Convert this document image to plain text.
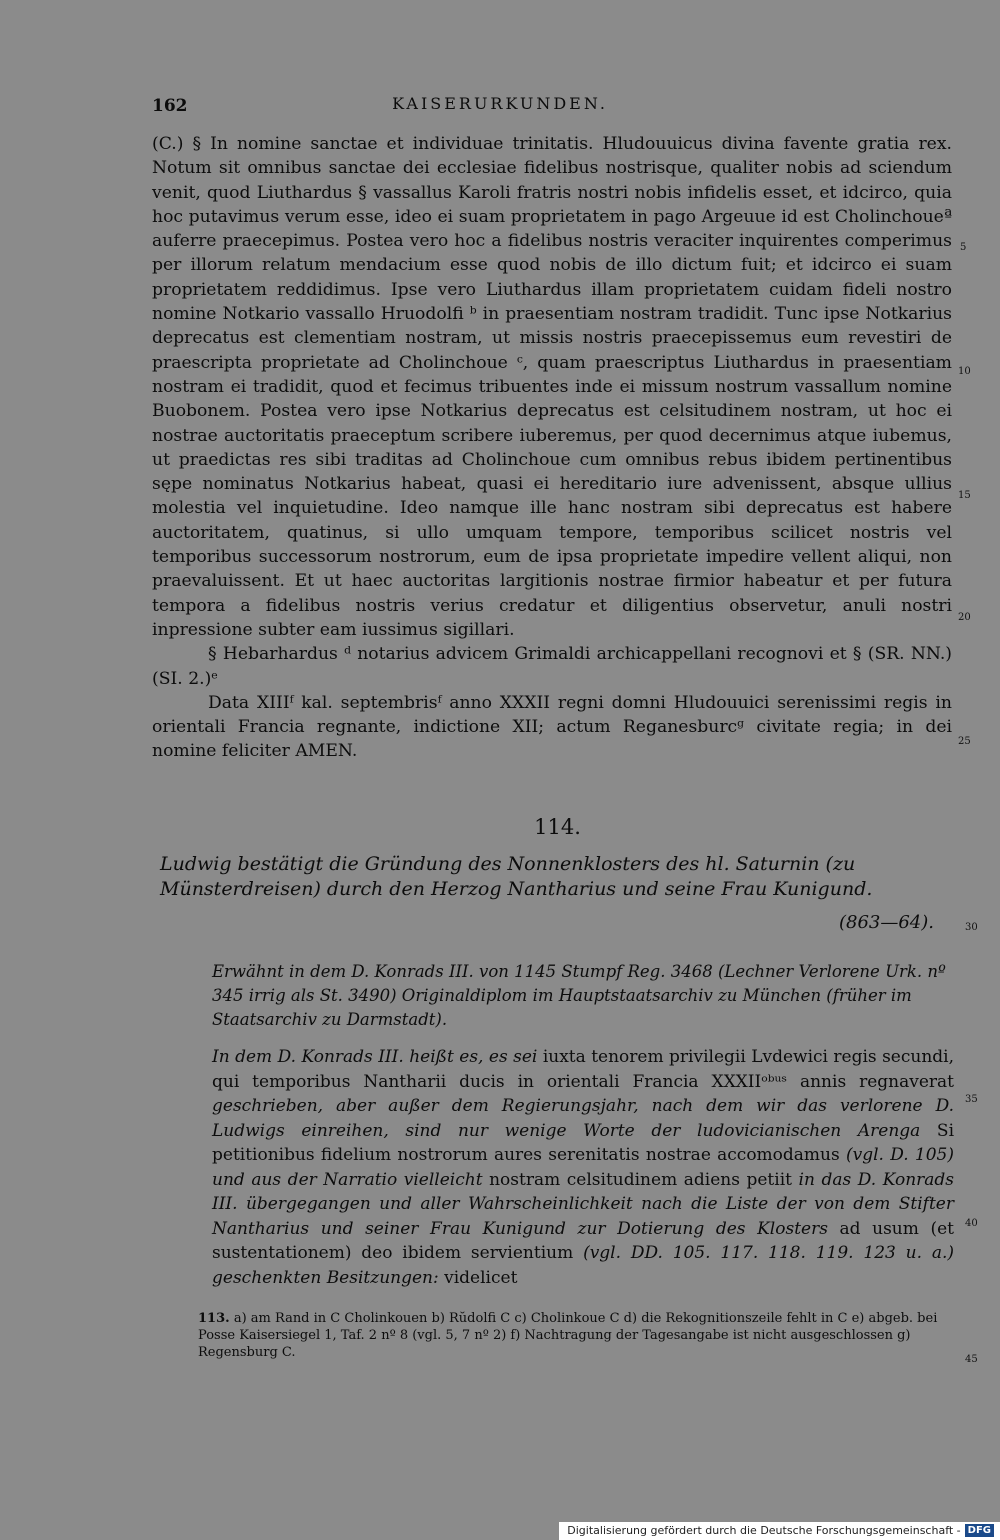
162	KAISERURKUNDEN.

(C.) § In nomine sanctae et individuae trinitatis. Hludouuicus divina favente gratia rex. Notum sit omnibus sanctae dei ecclesiae fidelibus nostrisque, qualiter nobis ad sciendum venit, quod Liuthardus § vassallus Karoli fratris nostri nobis infidelis esset, et idcirco, quia hoc putavimus verum esse, ideo ei suam proprietatem in pago Argeuue id est Cholinchoueª auferre praecepimus. Postea vero hoc a fidelibus nostris veraciter inquirentes comperimus per illorum relatum mendacium esse quod nobis de illo dictum fuit; et idcirco ei suam proprietatem reddidimus. Ipse vero Liuthardus illam proprietatem cuidam fideli nostro nomine Notkario vassallo Hruodolfi ᵇ in praesentiam nostram tradidit. Tunc ipse Notkarius deprecatus est clementiam nostram, ut missis nostris praecepissemus eum revestiri de praescripta proprietate ad Cholinchoue ᶜ, quam praescriptus Liuthardus in praesentiam nostram ei tradidit, quod et fecimus tribuentes inde ei missum nostrum vassallum nomine Buobonem. Postea vero ipse Notkarius deprecatus est celsitudinem nostram, ut hoc ei nostrae auctoritatis praeceptum scribere iuberemus, per quod decernimus atque iubemus, ut praedictas res sibi traditas ad Cholinchoue cum omnibus rebus ibidem pertinentibus sępe nominatus Notkarius habeat, quasi ei hereditario iure advenissent, absque ullius molestia vel inquietudine. Ideo namque ille hanc nostram sibi deprecatus est habere auctoritatem, quatinus, si ullo umquam tempore, temporibus scilicet nostris vel temporibus successorum nostrorum, eum de ipsa proprietate impedire vellent aliqui, non praevaluissent. Et ut haec auctoritas largitionis nostrae firmior habeatur et per futura tempora a fidelibus nostris verius credatur et diligentius observetur, anuli nostri inpressione subter eam iussimus sigillari.

§ Hebarhardus ᵈ notarius advicem Grimaldi archicappellani recognovi et § (SR. NN.) (SI. 2.)ᵉ

Data XIIIᶠ kal. septembrisᶠ anno XXXII regni domni Hludouuici serenissimi regis in orientali Francia regnante, indictione XII; actum Reganesburcᵍ civitate regia; in dei nomine feliciter AMEN.

5
10
15
20
25
30
35
40
45
114.
Ludwig bestätigt die Gründung des Nonnenklosters des hl. Saturnin (zu Münsterdreisen) durch den Herzog Nantharius und seine Frau Kunigund.
(863—64).
Erwähnt in dem D. Konrads III. von 1145 Stumpf Reg. 3468 (Lechner Verlorene Urk. nº 345 irrig als St. 3490) Originaldiplom im Hauptstaatsarchiv zu München (früher im Staatsarchiv zu Darmstadt).
In dem D. Konrads III. heißt es, es sei iuxta tenorem privilegii Lvdewici regis secundi, qui temporibus Nantharii ducis in orientali Francia XXXIIᵒᵇᵘˢ annis regnaverat geschrieben, aber außer dem Regierungsjahr, nach dem wir das verlorene D. Ludwigs einreihen, sind nur wenige Worte der ludovicianischen Arenga Si petitionibus fidelium nostrorum aures serenitatis nostrae accomodamus (vgl. D. 105) und aus der Narratio vielleicht nostram celsitudinem adiens petiit in das D. Konrads III. übergegangen und aller Wahrscheinlichkeit nach die Liste der von dem Stifter Nantharius und seiner Frau Kunigund zur Dotierung des Klosters ad usum (et sustentationem) deo ibidem servientium (vgl. DD. 105. 117. 118. 119. 123 u. a.) geschenkten Besitzungen: videlicet
113. a) am Rand in C Cholinkouen b) Rŭdolfi C c) Cholinkoue C d) die Rekognitionszeile fehlt in C e) abgeb. bei Posse Kaisersiegel 1, Taf. 2 nº 8 (vgl. 5, 7 nº 2) f) Nachtragung der Tagesangabe ist nicht ausgeschlossen g) Regensburg C.
Digitalisierung gefördert durch die Deutsche Forschungsgemeinschaft - DFG
